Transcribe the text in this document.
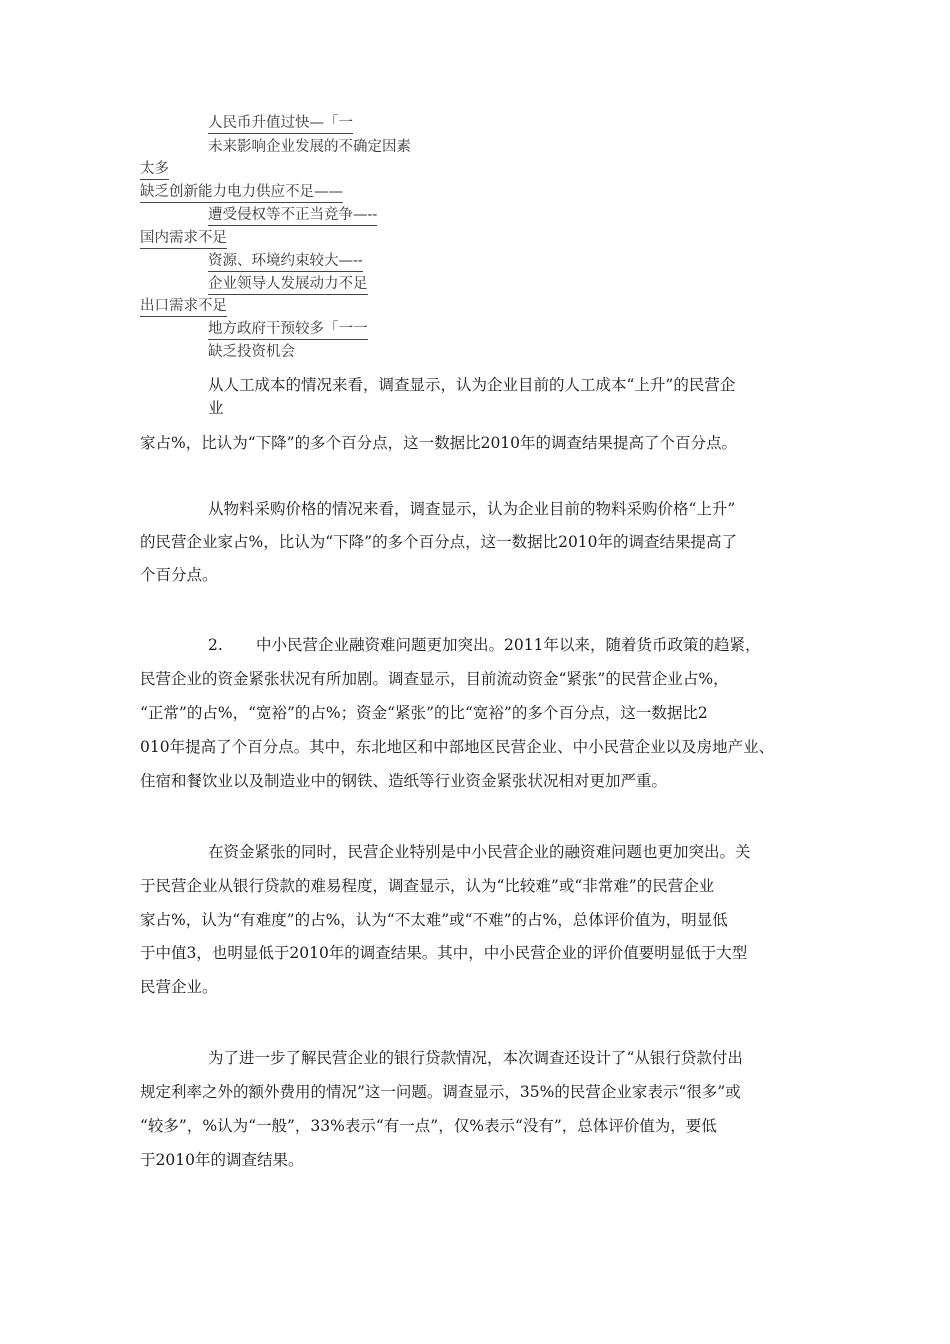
人民币升值过快—「一
未来影响企业发展的不确定因素
太多
缺乏创新能力电力供应不足——
遭受侵权等不正当竞争—--
国内需求不足
资源、环境约束较大—--
企业领导人发展动力不足
出口需求不足
地方政府干预较多「一一
缺乏投资机会
从人工成本的情况来看，调查显示，认为企业目前的人工成本“上升”的民营企
业
家占%，比认为“下降”的多个百分点，这一数据比2010年的调查结果提高了个百分点。
从物料采购价格的情况来看，调查显示，认为企业目前的物料采购价格“上升”
的民营企业家占%，比认为“下降”的多个百分点，这一数据比2010年的调查结果提高了
个百分点。
2. 中小民营企业融资难问题更加突出。2011年以来，随着货币政策的趋紧，
民营企业的资金紧张状况有所加剧。调查显示，目前流动资金“紧张”的民营企业占%，
“正常”的占%，“宽裕”的占%；资金“紧张”的比“宽裕”的多个百分点，这一数据比2
010年提高了个百分点。其中，东北地区和中部地区民营企业、中小民营企业以及房地产业、
住宿和餐饮业以及制造业中的钢铁、造纸等行业资金紧张状况相对更加严重。
在资金紧张的同时，民营企业特别是中小民营企业的融资难问题也更加突出。关
于民营企业从银行贷款的难易程度，调查显示，认为“比较难”或“非常难”的民营企业
家占%，认为“有难度”的占%，认为“不太难”或“不难”的占%，总体评价值为，明显低
于中值3，也明显低于2010年的调查结果。其中，中小民营企业的评价值要明显低于大型
民营企业。
为了进一步了解民营企业的银行贷款情况，本次调查还设计了“从银行贷款付出
规定利率之外的额外费用的情况”这一问题。调查显示，35%的民营企业家表示“很多”或
“较多”，%认为“一般”，33%表示“有一点”，仅%表示“没有”，总体评价值为，要低
于2010年的调查结果。
